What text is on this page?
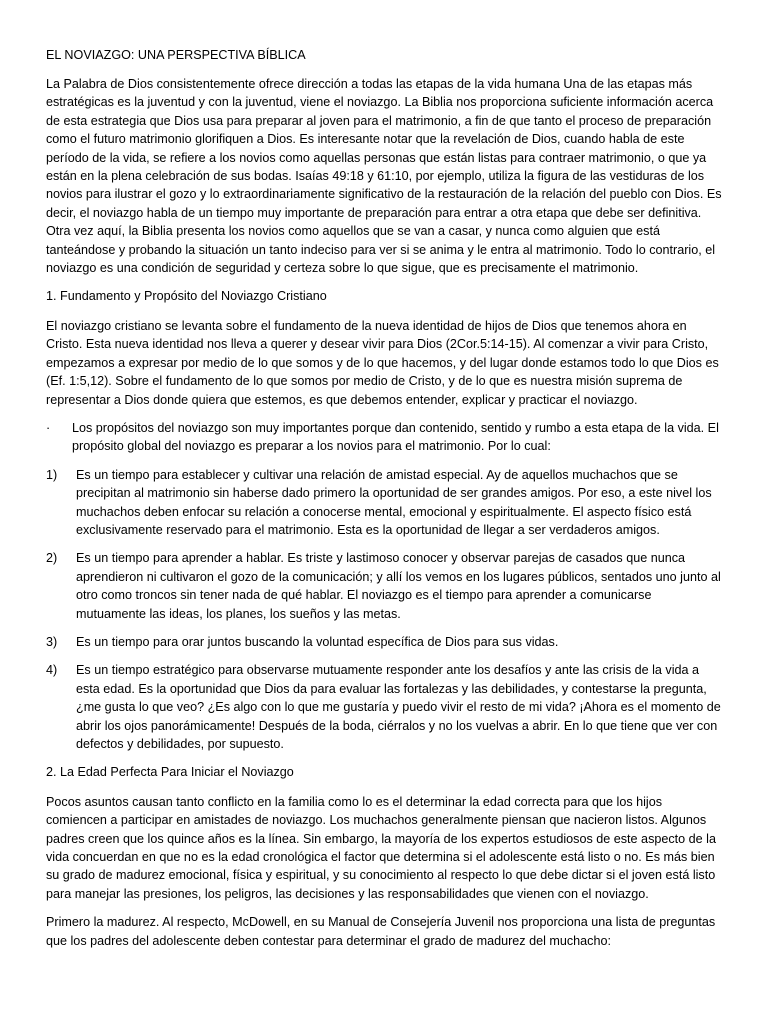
EL NOVIAZGO: UNA PERSPECTIVA BÍBLICA

La Palabra de Dios consistentemente ofrece dirección a todas las etapas de la vida humana Una de las etapas más estratégicas es la juventud y con la juventud, viene el noviazgo. La Biblia nos proporciona suficiente información acerca de esta estrategia que Dios usa para preparar al joven para el matrimonio, a fin de que tanto el proceso de preparación como el futuro matrimonio glorifiquen a Dios. Es interesante notar que la revelación de Dios, cuando habla de este período de la vida, se refiere a los novios como aquellas personas que están listas para contraer matrimonio, o que ya están en la plena celebración de sus bodas. Isaías 49:18 y 61:10, por ejemplo, utiliza la figura de las vestiduras de los novios para ilustrar el gozo y lo extraordinariamente significativo de la restauración de la relación del pueblo con Dios. Es decir, el noviazgo habla de un tiempo muy importante de preparación para entrar a otra etapa que debe ser definitiva. Otra vez aquí, la Biblia presenta los novios como aquellos que se van a casar, y nunca como alguien que está tanteándose y probando la situación un tanto indeciso para ver si se anima y le entra al matrimonio. Todo lo contrario, el noviazgo es una condición de seguridad y certeza sobre lo que sigue, que es precisamente el matrimonio.

1. Fundamento y Propósito del Noviazgo Cristiano

El noviazgo cristiano se levanta sobre el fundamento de la nueva identidad de hijos de Dios que tenemos ahora en Cristo. Esta nueva identidad nos lleva a querer y desear vivir para Dios (2Cor.5:14-15). Al comenzar a vivir para Cristo, empezamos a expresar por medio de lo que somos y de lo que hacemos, y del lugar donde estamos todo lo que Dios es (Ef. 1:5,12). Sobre el fundamento de lo que somos por medio de Cristo, y de lo que es nuestra misión suprema de representar a Dios donde quiera que estemos, es que debemos entender, explicar y practicar el noviazgo.

· Los propósitos del noviazgo son muy importantes porque dan contenido, sentido y rumbo a esta etapa de la vida. El propósito global del noviazgo es preparar a los novios para el matrimonio. Por lo cual:

1) Es un tiempo para establecer y cultivar una relación de amistad especial. Ay de aquellos muchachos que se precipitan al matrimonio sin haberse dado primero la oportunidad de ser grandes amigos. Por eso, a este nivel los muchachos deben enfocar su relación a conocerse mental, emocional y espiritualmente. El aspecto físico está exclusivamente reservado para el matrimonio. Esta es la oportunidad de llegar a ser verdaderos amigos.

2) Es un tiempo para aprender a hablar. Es triste y lastimoso conocer y observar parejas de casados que nunca aprendieron ni cultivaron el gozo de la comunicación; y allí los vemos en los lugares públicos, sentados uno junto al otro como troncos sin tener nada de qué hablar. El noviazgo es el tiempo para aprender a comunicarse mutuamente las ideas, los planes, los sueños y las metas.

3) Es un tiempo para orar juntos buscando la voluntad específica de Dios para sus vidas.

4) Es un tiempo estratégico para observarse mutuamente responder ante los desafíos y ante las crisis de la vida a esta edad. Es la oportunidad que Dios da para evaluar las fortalezas y las debilidades, y contestarse la pregunta, ¿me gusta lo que veo? ¿Es algo con lo que me gustaría y puedo vivir el resto de mi vida? ¡Ahora es el momento de abrir los ojos panorámicamente! Después de la boda, ciérralos y no los vuelvas a abrir. En lo que tiene que ver con defectos y debilidades, por supuesto.

2. La Edad Perfecta Para Iniciar el Noviazgo

Pocos asuntos causan tanto conflicto en la familia como lo es el determinar la edad correcta para que los hijos comiencen a participar en amistades de noviazgo. Los muchachos generalmente piensan que nacieron listos. Algunos padres creen que los quince años es la línea. Sin embargo, la mayoría de los expertos estudiosos de este aspecto de la vida concuerdan en que no es la edad cronológica el factor que determina si el adolescente está listo o no. Es más bien su grado de madurez emocional, física y espiritual, y su conocimiento al respecto lo que debe dictar si el joven está listo para manejar las presiones, los peligros, las decisiones y las responsabilidades que vienen con el noviazgo.

Primero la madurez. Al respecto, McDowell, en su Manual de Consejería Juvenil nos proporciona una lista de preguntas que los padres del adolescente deben contestar para determinar el grado de madurez del muchacho:
